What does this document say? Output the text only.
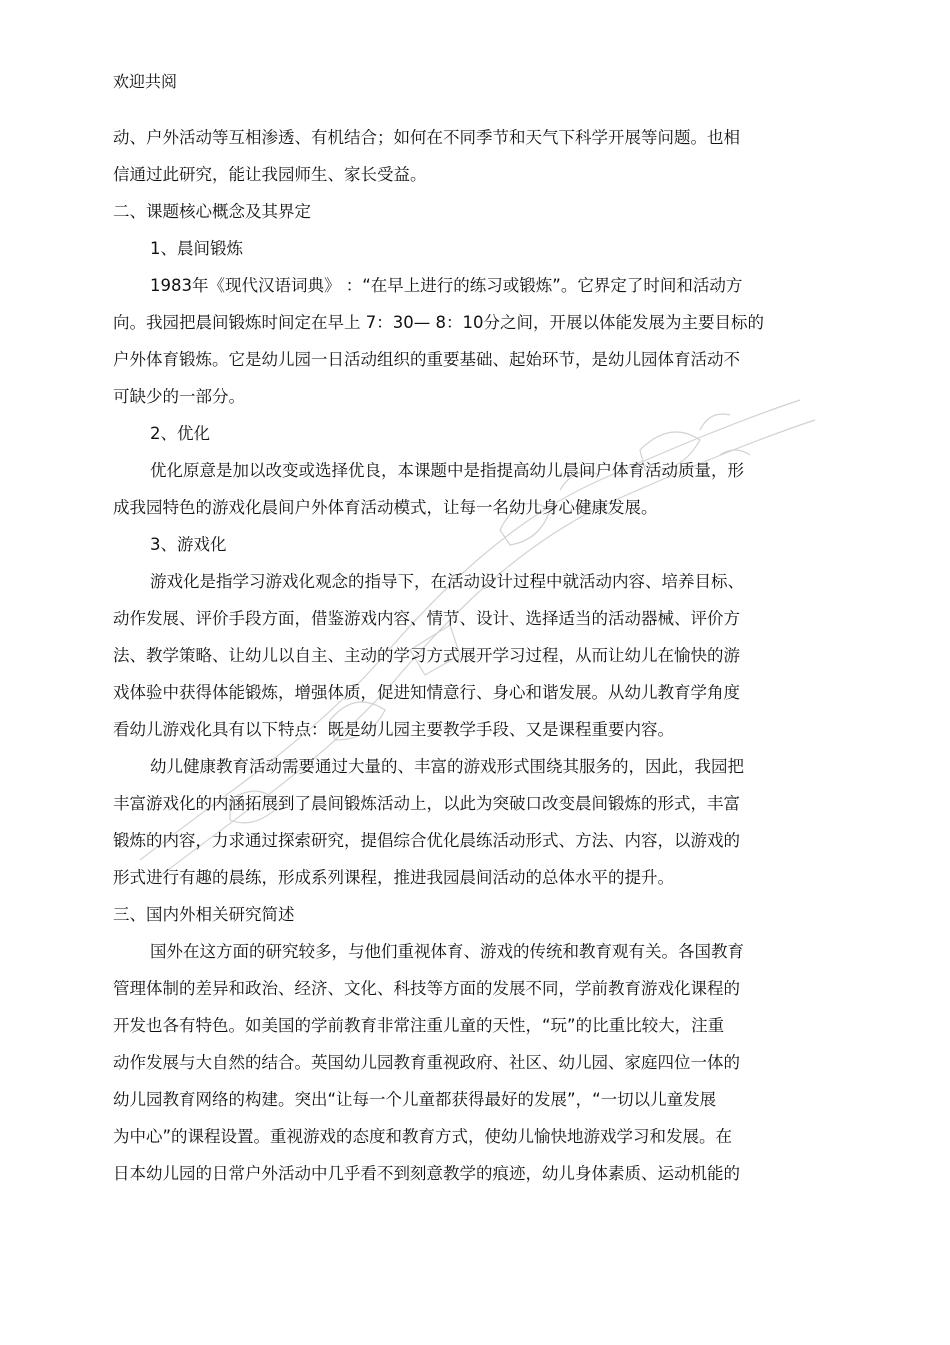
欢迎共阅
动、户外活动等互相渗透、有机结合；如何在不同季节和天气下科学开展等问题。也相
信通过此研究，能让我园师生、家长受益。
二、课题核心概念及其界定
1、晨间锻炼
1983年《现代汉语词典》 ：“在早上进行的练习或锻炼”。它界定了时间和活动方
向。我园把晨间锻炼时间定在早上 7：30— 8：10分之间，开展以体能发展为主要目标的
户外体育锻炼。它是幼儿园一日活动组织的重要基础、起始环节，是幼儿园体育活动不
可缺少的一部分。
2、优化
优化原意是加以改变或选择优良，本课题中是指提高幼儿晨间户体育活动质量，形
成我园特色的游戏化晨间户外体育活动模式，让每一名幼儿身心健康发展。
3、游戏化
游戏化是指学习游戏化观念的指导下，在活动设计过程中就活动内容、培养目标、
动作发展、评价手段方面，借鉴游戏内容、情节、设计、选择适当的活动器械、评价方
法、教学策略、让幼儿以自主、主动的学习方式展开学习过程，从而让幼儿在愉快的游
戏体验中获得体能锻炼，增强体质，促进知情意行、身心和谐发展。从幼儿教育学角度
看幼儿游戏化具有以下特点：既是幼儿园主要教学手段、又是课程重要内容。
幼儿健康教育活动需要通过大量的、丰富的游戏形式围绕其服务的，因此，我园把
丰富游戏化的内涵拓展到了晨间锻炼活动上，以此为突破口改变晨间锻炼的形式，丰富
锻炼的内容，力求通过探索研究，提倡综合优化晨练活动形式、方法、内容，以游戏的
形式进行有趣的晨练，形成系列课程，推进我园晨间活动的总体水平的提升。
三、国内外相关研究简述
国外在这方面的研究较多，与他们重视体育、游戏的传统和教育观有关。各国教育
管理体制的差异和政治、经济、文化、科技等方面的发展不同，学前教育游戏化课程的
开发也各有特色。如美国的学前教育非常注重儿童的天性，“玩”的比重比较大，注重
动作发展与大自然的结合。英国幼儿园教育重视政府、社区、幼儿园、家庭四位一体的
幼儿园教育网络的构建。突出“让每一个儿童都获得最好的发展”，“一切以儿童发展
为中心”的课程设置。重视游戏的态度和教育方式，使幼儿愉快地游戏学习和发展。在
日本幼儿园的日常户外活动中几乎看不到刻意教学的痕迹，幼儿身体素质、运动机能的
